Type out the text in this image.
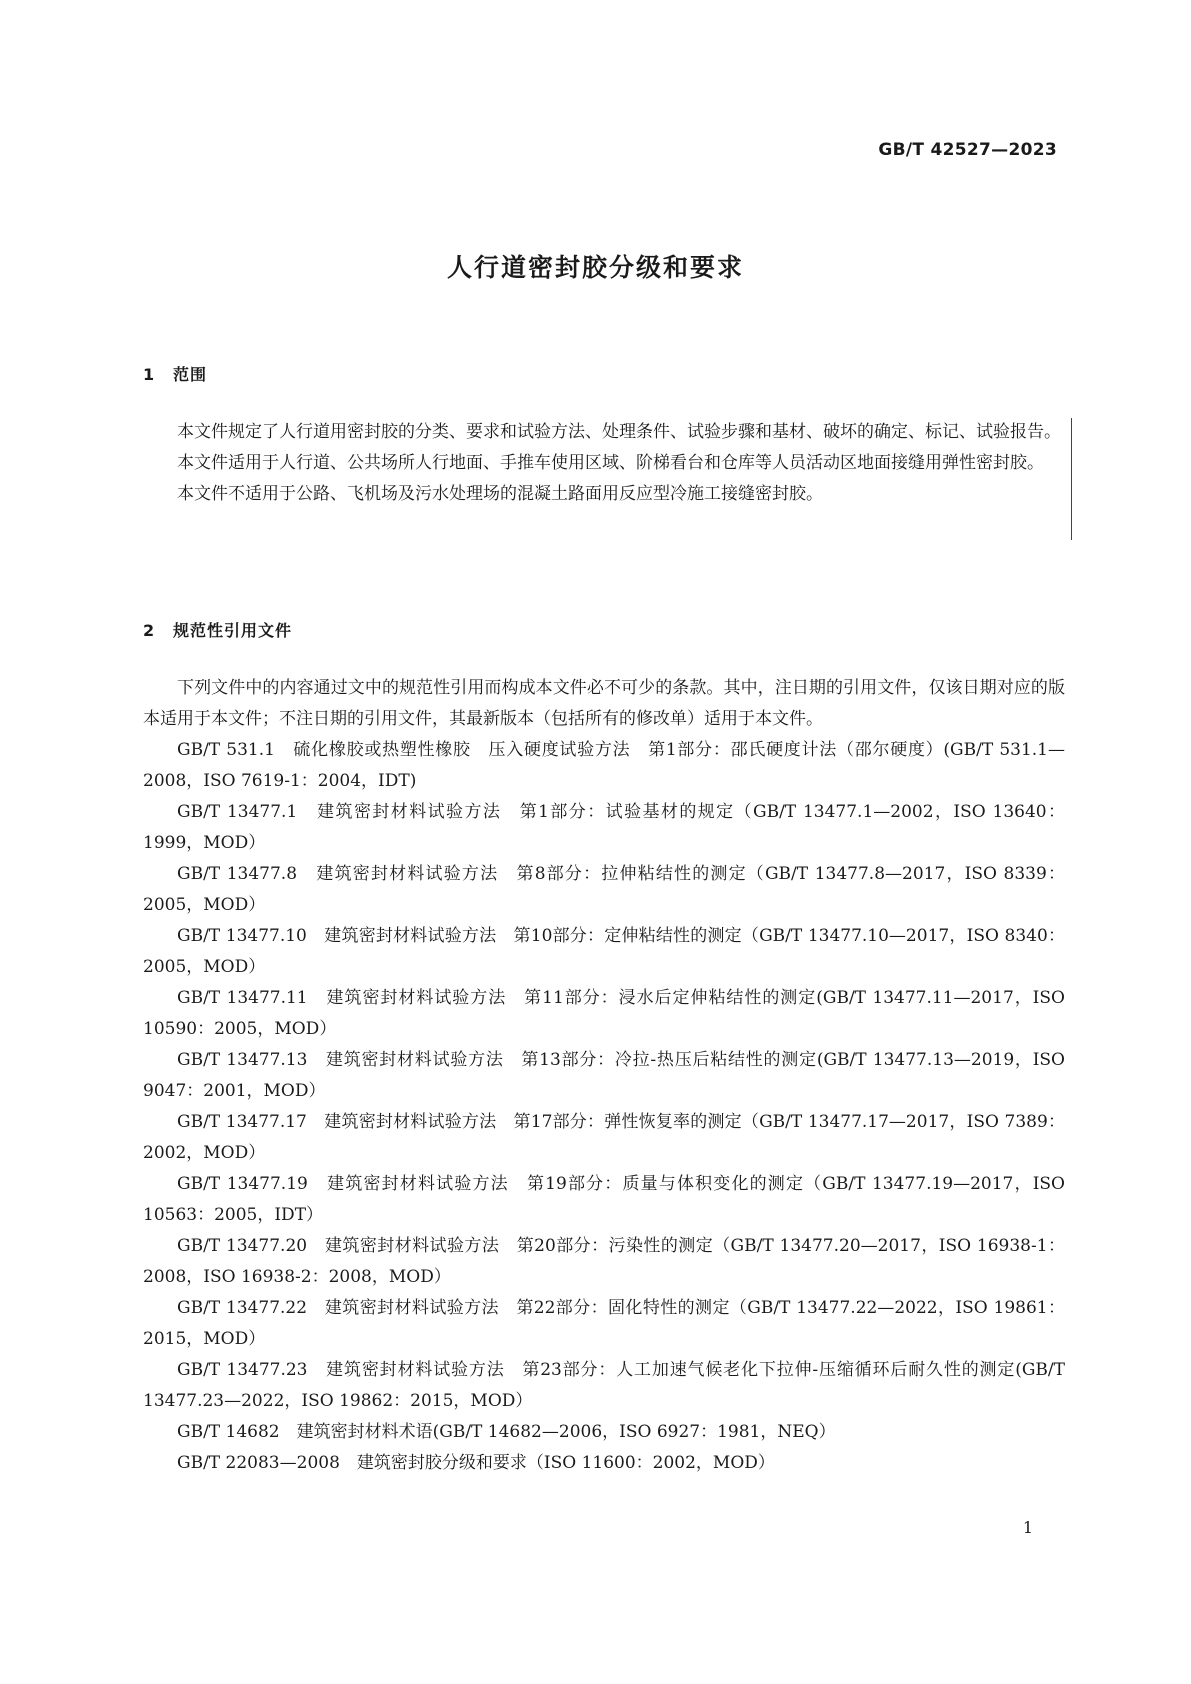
GB/T 42527—2023
人行道密封胶分级和要求
1 范围

本文件规定了人行道用密封胶的分类、要求和试验方法、处理条件、试验步骤和基材、破坏的确定、标记、试验报告。

本文件适用于人行道、公共场所人行地面、手推车使用区域、阶梯看台和仓库等人员活动区地面接缝用弹性密封胶。

本文件不适用于公路、飞机场及污水处理场的混凝土路面用反应型冷施工接缝密封胶。

2 规范性引用文件

下列文件中的内容通过文中的规范性引用而构成本文件必不可少的条款。其中，注日期的引用文件，仅该日期对应的版本适用于本文件；不注日期的引用文件，其最新版本（包括所有的修改单）适用于本文件。

GB/T 531.1　硫化橡胶或热塑性橡胶　压入硬度试验方法　第1部分：邵氏硬度计法（邵尔硬度）(GB/T 531.1—2008，ISO 7619-1：2004，IDT)

GB/T 13477.1　建筑密封材料试验方法　第1部分：试验基材的规定（GB/T 13477.1—2002，ISO 13640：1999，MOD）

GB/T 13477.8　建筑密封材料试验方法　第8部分：拉伸粘结性的测定（GB/T 13477.8—2017，ISO 8339：2005，MOD）

GB/T 13477.10　建筑密封材料试验方法　第10部分：定伸粘结性的测定（GB/T 13477.10—2017，ISO 8340：2005，MOD）

GB/T 13477.11　建筑密封材料试验方法　第11部分：浸水后定伸粘结性的测定(GB/T 13477.11—2017，ISO 10590：2005，MOD）

GB/T 13477.13　建筑密封材料试验方法　第13部分：冷拉-热压后粘结性的测定(GB/T 13477.13—2019，ISO 9047：2001，MOD）

GB/T 13477.17　建筑密封材料试验方法　第17部分：弹性恢复率的测定（GB/T 13477.17—2017，ISO 7389：2002，MOD）

GB/T 13477.19　建筑密封材料试验方法　第19部分：质量与体积变化的测定（GB/T 13477.19—2017，ISO 10563：2005，IDT）

GB/T 13477.20　建筑密封材料试验方法　第20部分：污染性的测定（GB/T 13477.20—2017，ISO 16938-1：2008，ISO 16938-2：2008，MOD）

GB/T 13477.22　建筑密封材料试验方法　第22部分：固化特性的测定（GB/T 13477.22—2022，ISO 19861：2015，MOD）

GB/T 13477.23　建筑密封材料试验方法　第23部分：人工加速气候老化下拉伸-压缩循环后耐久性的测定(GB/T 13477.23—2022，ISO 19862：2015，MOD）

GB/T 14682　建筑密封材料术语(GB/T 14682—2006，ISO 6927：1981，NEQ）

GB/T 22083—2008　建筑密封胶分级和要求（ISO 11600：2002，MOD）

1
